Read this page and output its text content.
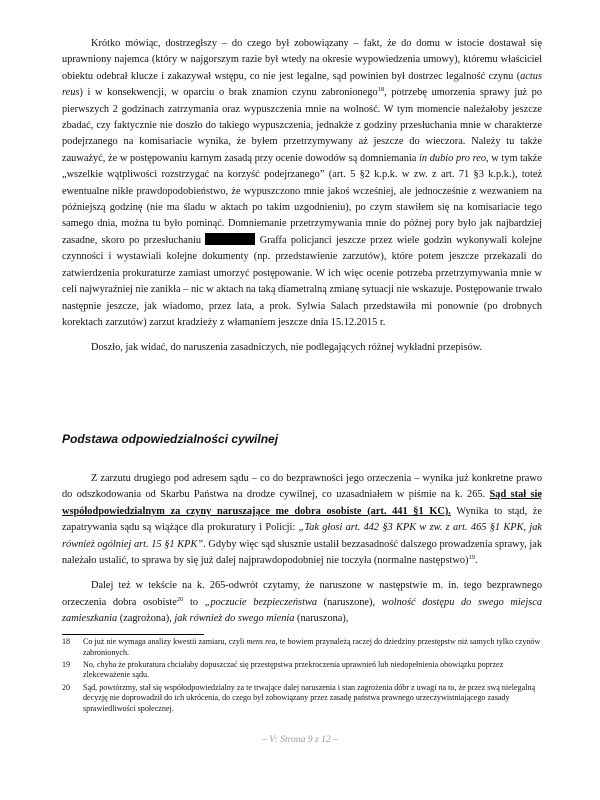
Krótko mówiąc, dostrzegłszy – do czego był zobowiązany – fakt, że do domu w istocie dostawał się uprawniony najemca (który w najgorszym razie był wtedy na okresie wypowiedzenia umowy), któremu właściciel obiektu odebrał klucze i zakazywał wstępu, co nie jest legalne, sąd powinien był dostrzec legalność czynu (actus reus) i w konsekwencji, w oparciu o brak znamion czynu zabronionego$^{18}$, potrzebę umorzenia sprawy już po pierwszych 2 godzinach zatrzymania oraz wypuszczenia mnie na wolność. W tym momencie należałoby jeszcze zbadać, czy faktycznie nie doszło do takiego wypuszczenia, jednakże z godziny przesłuchania mnie w charakterze podejrzanego na komisariacie wynika, że byłem przetrzymywany aż jeszcze do wieczora. Należy tu także zauważyć, że w postępowaniu karnym zasadą przy ocenie dowodów są domniemania in dubio pro reo, w tym także „wszelkie wątpliwości rozstrzygać na korzyść podejrzanego” (art. 5 §2 k.p.k. w zw. z art. 71 §3 k.p.k.), toteż ewentualne nikłe prawdopodobieństwo, że wypuszczono mnie jakoś wcześniej, ale jednocześnie z wezwaniem na późniejszą godzinę (nie ma śladu w aktach po takim uzgodnieniu), po czym stawiłem się na komisariacie tego samego dnia, można tu było pominąć. Domniemanie przetrzymywania mnie do późnej pory było jak najbardziej zasadne, skoro po przesłuchaniu	Graffa policjanci jeszcze przez wiele godzin wykonywali kolejne czynności i wystawiali kolejne dokumenty (np. przedstawienie zarzutów), które potem jeszcze przekazali do zatwierdzenia prokuraturze zamiast umorzyć postępowanie. W ich więc ocenie potrzeba przetrzymywania mnie w celi najwyraźniej nie zanikła – nic w aktach na taką diametralną zmianę sytuacji nie wskazuje. Postępowanie trwało następnie jeszcze, jak wiadomo, przez lata, a prok. Sylwia Salach przedstawiła mi ponownie (po drobnych korektach zarzutów) zarzut kradzieży z włamaniem jeszcze dnia 15.12.2015 r.

Doszło, jak widać, do naruszenia zasadniczych, nie podlegających różnej wykładni przepisów.

Podstawa odpowiedzialności cywilnej

Z zarzutu drugiego pod adresem sądu – co do bezprawności jego orzeczenia – wynika już konkretne prawo do odszkodowania od Skarbu Państwa na drodze cywilnej, co uzasadniałem w piśmie na k. 265. Sąd stał się współodpowiedzialnym za czyny naruszające me dobra osobiste (art. 441 §1 KC). Wynika to stąd, że zapatrywania sądu są wiążące dla prokuratury i Policji: „Tak głosi art. 442 §3 KPK w zw. z art. 465 §1 KPK, jak również ogólniej art. 15 §1 KPK”. Gdyby więc sąd słusznie ustalił bezzasadność dalszego prowadzenia sprawy, jak należało ustalić, to sprawa by się już dalej najprawdopodobniej nie toczyła (normalne następstwo)$^{19}$.

Dalej też w tekście na k. 265-odwrót czytamy, że naruszone w następstwie m. in. tego bezprawnego orzeczenia dobra osobiste$^{20}$ to „poczucie bezpieczeństwa (naruszone), wolność dostępu do swego miejsca zamieszkania (zagrożona), jak również do swego mienia (naruszona),

18	Co już nie wymaga analizy kwestii zamiaru, czyli mens rea, te bowiem przynależą raczej do dziedziny przestępstw niż samych tylko czynów zabronionych.
19	No, chyba że prokuratura chciałaby dopuszczać się przestępstwa przekroczenia uprawnień lub niedopełnienia obowiązku poprzez zlekceważenie sądu.
20	Sąd, powtórzmy, stał się współodpowiedzialny za te trwające dalej naruszenia i stan zagrożenia dóbr z uwagi na to, że przez swą nielegalną decyzję nie doprowadził do ich ukrócenia, do czego był zobowiązany przez zasadę państwa prawnego urzeczywistniającego zasady sprawiedliwości społecznej.
– V: Strona 9 z 12 –
